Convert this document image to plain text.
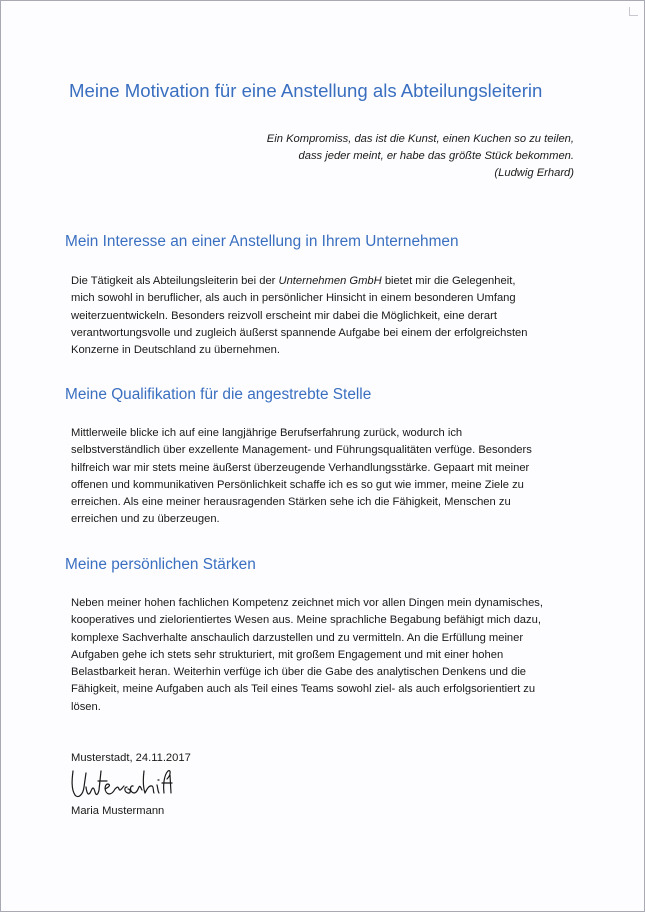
Meine Motivation für eine Anstellung als Abteilungsleiterin
Ein Kompromiss, das ist die Kunst, einen Kuchen so zu teilen,
dass jeder meint, er habe das größte Stück bekommen.
(Ludwig Erhard)
Mein Interesse an einer Anstellung in Ihrem Unternehmen
Die Tätigkeit als Abteilungsleiterin bei der Unternehmen GmbH bietet mir die Gelegenheit,
mich sowohl in beruflicher, als auch in persönlicher Hinsicht in einem besonderen Umfang
weiterzuentwickeln. Besonders reizvoll erscheint mir dabei die Möglichkeit, eine derart
verantwortungsvolle und zugleich äußerst spannende Aufgabe bei einem der erfolgreichsten
Konzerne in Deutschland zu übernehmen.
Meine Qualifikation für die angestrebte Stelle
Mittlerweile blicke ich auf eine langjährige Berufserfahrung zurück, wodurch ich
selbstverständlich über exzellente Management- und Führungsqualitäten verfüge. Besonders
hilfreich war mir stets meine äußerst überzeugende Verhandlungsstärke. Gepaart mit meiner
offenen und kommunikativen Persönlichkeit schaffe ich es so gut wie immer, meine Ziele zu
erreichen. Als eine meiner herausragenden Stärken sehe ich die Fähigkeit, Menschen zu
erreichen und zu überzeugen.
Meine persönlichen Stärken
Neben meiner hohen fachlichen Kompetenz zeichnet mich vor allen Dingen mein dynamisches,
kooperatives und zielorientiertes Wesen aus. Meine sprachliche Begabung befähigt mich dazu,
komplexe Sachverhalte anschaulich darzustellen und zu vermitteln. An die Erfüllung meiner
Aufgaben gehe ich stets sehr strukturiert, mit großem Engagement und mit einer hohen
Belastbarkeit heran. Weiterhin verfüge ich über die Gabe des analytischen Denkens und die
Fähigkeit, meine Aufgaben auch als Teil eines Teams sowohl ziel- als auch erfolgsorientiert zu
lösen.
Musterstadt, 24.11.2017
Maria Mustermann
